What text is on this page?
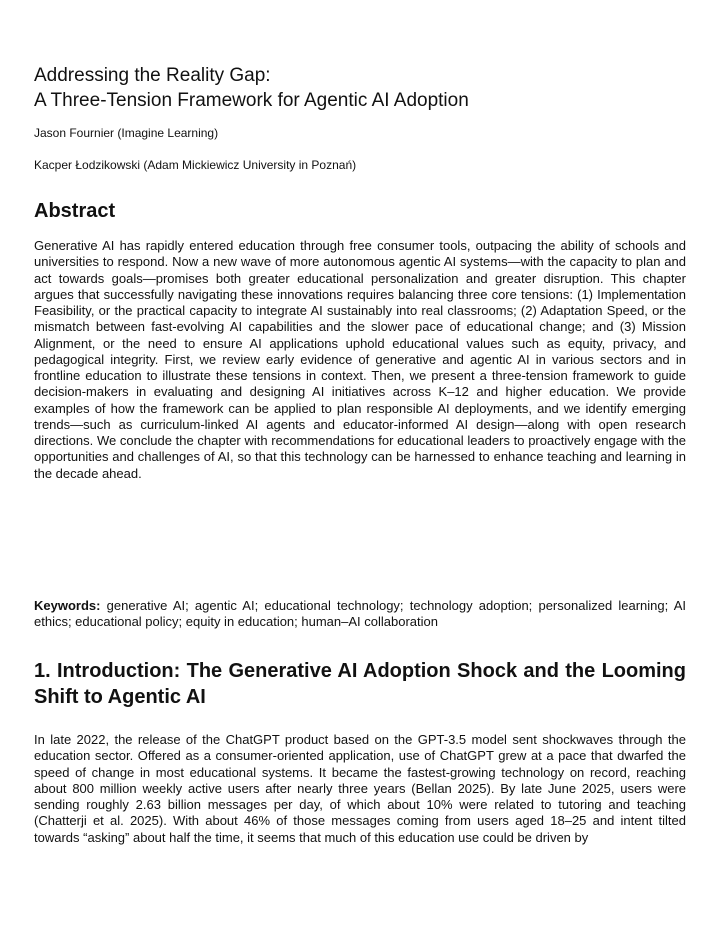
Addressing the Reality Gap:
A Three-Tension Framework for Agentic AI Adoption

Jason Fournier (Imagine Learning)

Kacper Łodzikowski (Adam Mickiewicz University in Poznań)

Abstract

Generative AI has rapidly entered education through free consumer tools, outpacing the ability of schools and universities to respond. Now a new wave of more autonomous agentic AI systems—with the capacity to plan and act towards goals—promises both greater educational personalization and greater disruption. This chapter argues that successfully navigating these innovations requires balancing three core tensions: (1) Implementation Feasibility, or the practical capacity to integrate AI sustainably into real classrooms; (2) Adaptation Speed, or the mismatch between fast-evolving AI capabilities and the slower pace of educational change; and (3) Mission Alignment, or the need to ensure AI applications uphold educational values such as equity, privacy, and pedagogical integrity. First, we review early evidence of generative and agentic AI in various sectors and in frontline education to illustrate these tensions in context. Then, we present a three-tension framework to guide decision-makers in evaluating and designing AI initiatives across K–12 and higher education. We provide examples of how the framework can be applied to plan responsible AI deployments, and we identify emerging trends—such as curriculum-linked AI agents and educator-informed AI design—along with open research directions. We conclude the chapter with recommendations for educational leaders to proactively engage with the opportunities and challenges of AI, so that this technology can be harnessed to enhance teaching and learning in the decade ahead.

Keywords: generative AI; agentic AI; educational technology; technology adoption; personalized learning; AI ethics; educational policy; equity in education; human–AI collaboration

1. Introduction: The Generative AI Adoption Shock and the Looming Shift to Agentic AI

In late 2022, the release of the ChatGPT product based on the GPT-3.5 model sent shockwaves through the education sector. Offered as a consumer-oriented application, use of ChatGPT grew at a pace that dwarfed the speed of change in most educational systems. It became the fastest-growing technology on record, reaching about 800 million weekly active users after nearly three years (Bellan 2025). By late June 2025, users were sending roughly 2.63 billion messages per day, of which about 10% were related to tutoring and teaching (Chatterji et al. 2025). With about 46% of those messages coming from users aged 18–25 and intent tilted towards “asking” about half the time, it seems that much of this education use could be driven by
